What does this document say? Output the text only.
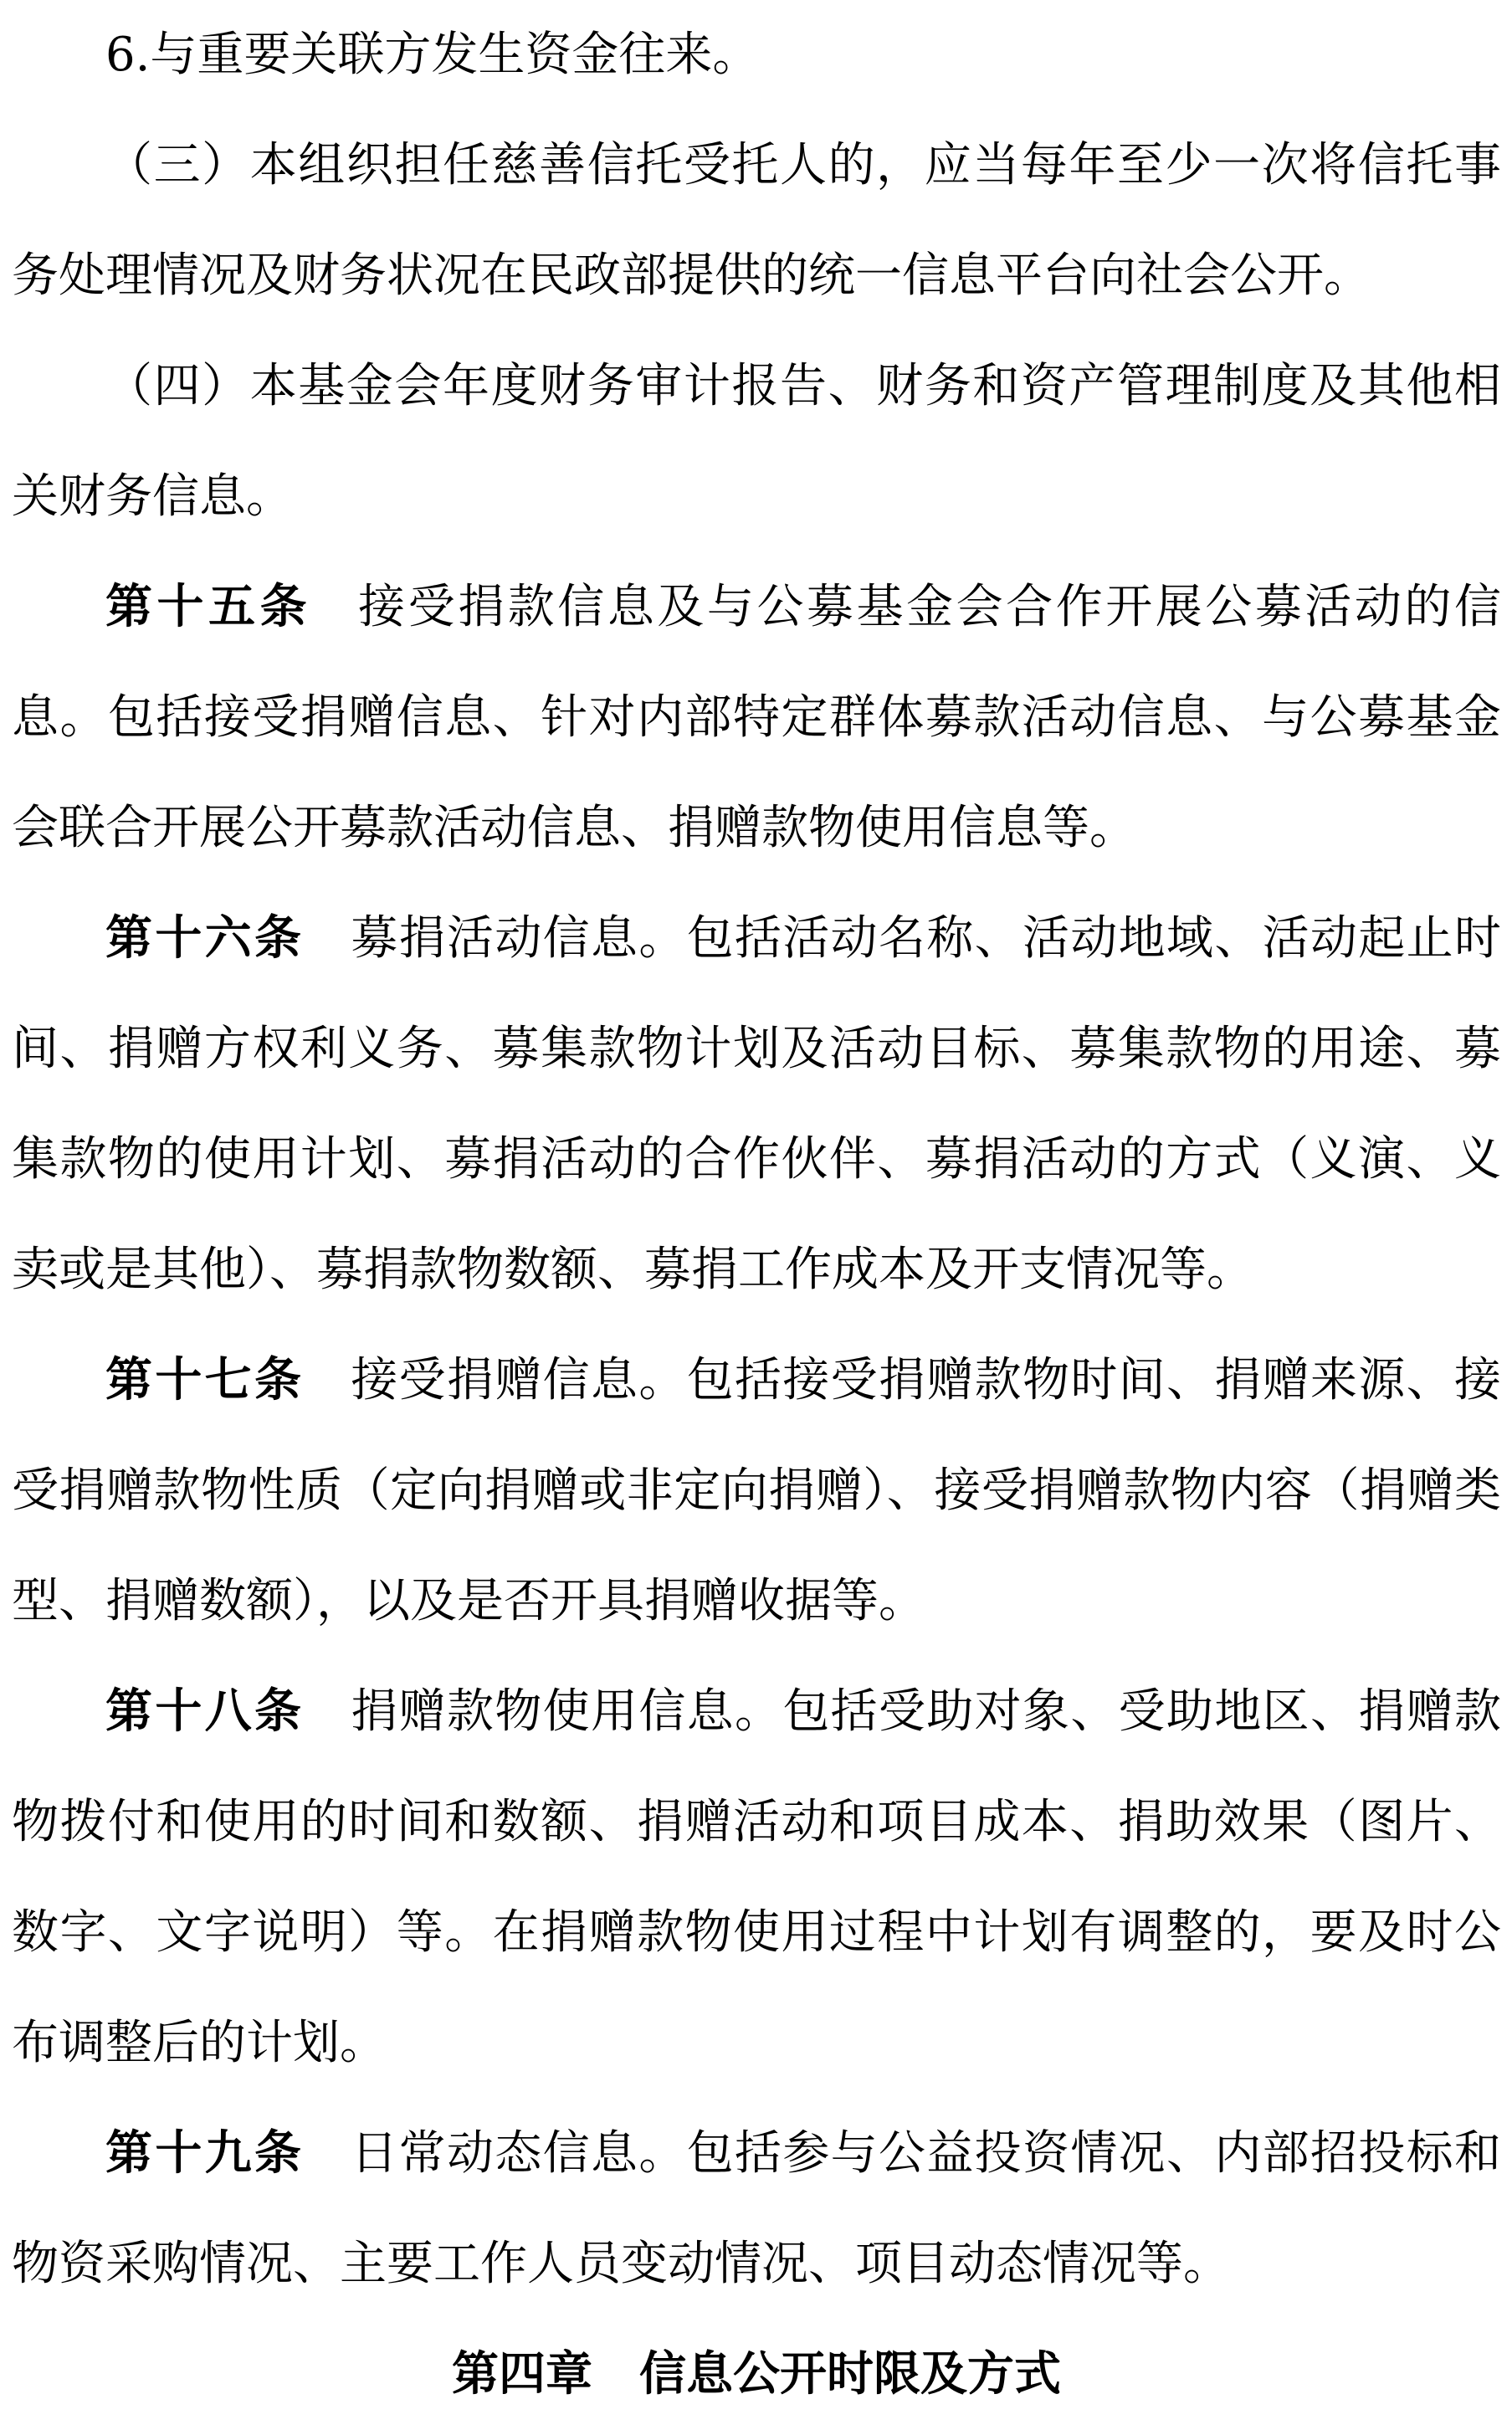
6.与重要关联方发生资金往来。

（三）本组织担任慈善信托受托人的，应当每年至少一次将信托事务处理情况及财务状况在民政部提供的统一信息平台向社会公开。

（四）本基金会年度财务审计报告、财务和资产管理制度及其他相关财务信息。

第十五条 接受捐款信息及与公募基金会合作开展公募活动的信息。包括接受捐赠信息、针对内部特定群体募款活动信息、与公募基金会联合开展公开募款活动信息、捐赠款物使用信息等。

第十六条 募捐活动信息。包括活动名称、活动地域、活动起止时间、捐赠方权利义务、募集款物计划及活动目标、募集款物的用途、募集款物的使用计划、募捐活动的合作伙伴、募捐活动的方式（义演、义卖或是其他）、募捐款物数额、募捐工作成本及开支情况等。

第十七条 接受捐赠信息。包括接受捐赠款物时间、捐赠来源、接受捐赠款物性质（定向捐赠或非定向捐赠）、接受捐赠款物内容（捐赠类型、捐赠数额），以及是否开具捐赠收据等。

第十八条 捐赠款物使用信息。包括受助对象、受助地区、捐赠款物拨付和使用的时间和数额、捐赠活动和项目成本、捐助效果（图片、数字、文字说明）等。在捐赠款物使用过程中计划有调整的，要及时公布调整后的计划。

第十九条 日常动态信息。包括参与公益投资情况、内部招投标和物资采购情况、主要工作人员变动情况、项目动态情况等。

第四章 信息公开时限及方式
